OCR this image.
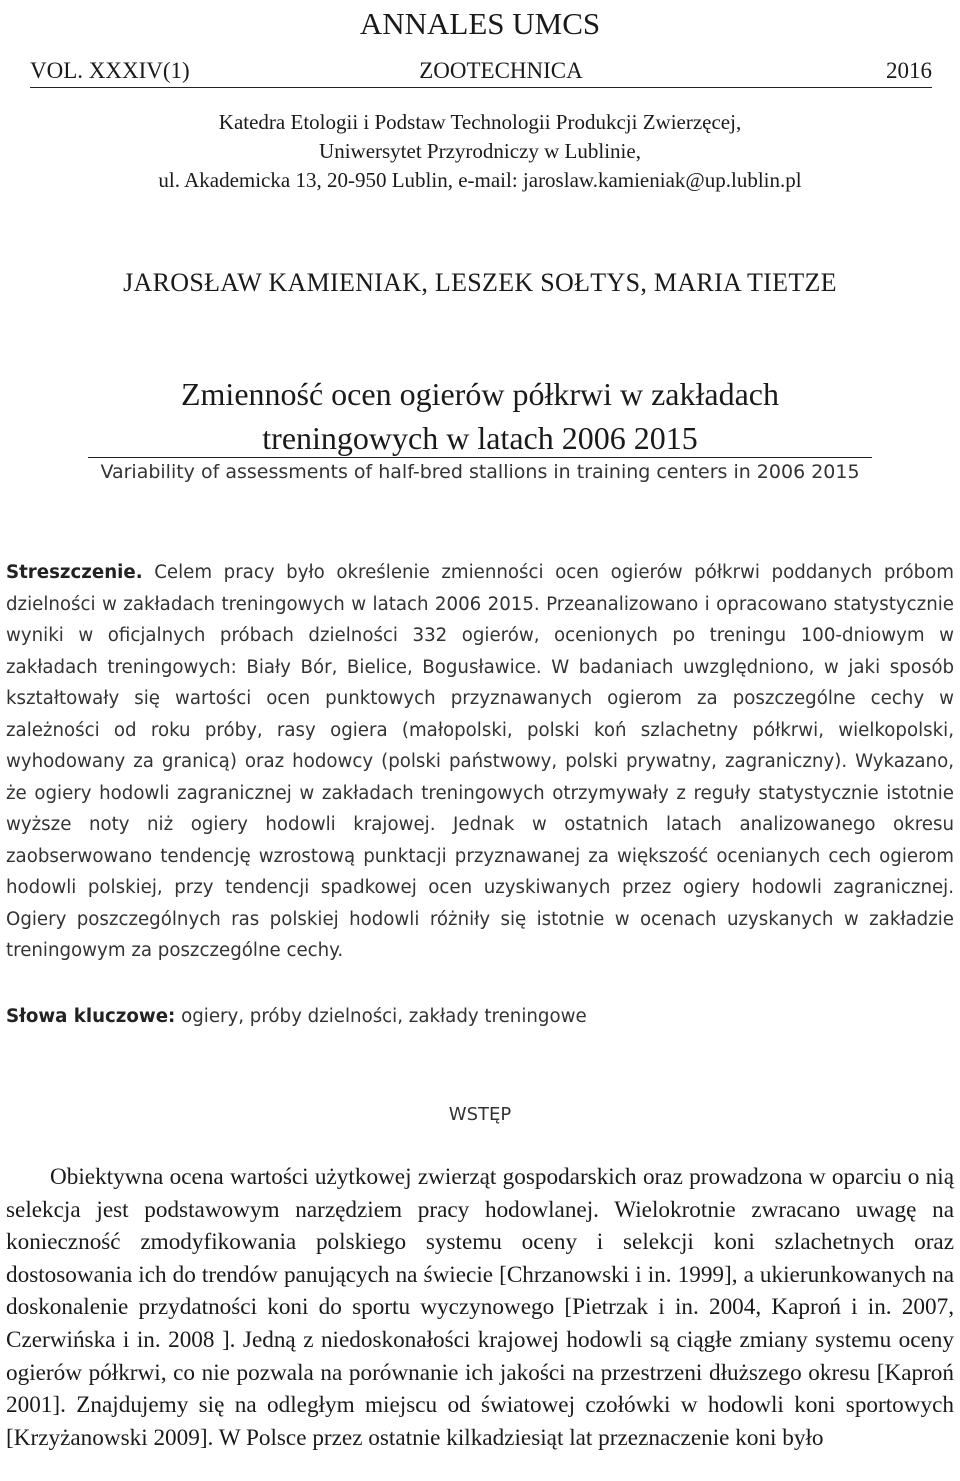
ANNALES UMCS
VOL. XXXIV(1)	ZOOTECHNICA	2016
Katedra Etologii i Podstaw Technologii Produkcji Zwierzęcej,
Uniwersytet Przyrodniczy w Lublinie,
ul. Akademicka 13, 20-950 Lublin, e-mail: jaroslaw.kamieniak@up.lublin.pl
JAROSŁAW KAMIENIAK, LESZEK SOŁTYS, MARIA TIETZE
Zmienność ocen ogierów półkrwi w zakładach
treningowych w latach 2006 2015
Variability of assessments of half-bred stallions in training centers in 2006 2015
Streszczenie. Celem pracy było określenie zmienności ocen ogierów półkrwi poddanych próbom dzielności w zakładach treningowych w latach 2006 2015. Przeanalizowano i opracowano statystycznie wyniki w oficjalnych próbach dzielności 332 ogierów, ocenionych po treningu 100-dniowym w zakładach treningowych: Biały Bór, Bielice, Bogusławice. W badaniach uwzględniono, w jaki sposób kształtowały się wartości ocen punktowych przyznawanych ogierom za poszczególne cechy w zależności od roku próby, rasy ogiera (małopolski, polski koń szlachetny półkrwi, wielkopolski, wyhodowany za granicą) oraz hodowcy (polski państwowy, polski prywatny, zagraniczny). Wykazano, że ogiery hodowli zagranicznej w zakładach treningowych otrzymywały z reguły statystycznie istotnie wyższe noty niż ogiery hodowli krajowej. Jednak w ostatnich latach analizowanego okresu zaobserwowano tendencję wzrostową punktacji przyznawanej za większość ocenianych cech ogierom hodowli polskiej, przy tendencji spadkowej ocen uzyskiwanych przez ogiery hodowli zagranicznej. Ogiery poszczególnych ras polskiej hodowli różniły się istotnie w ocenach uzyskanych w zakładzie treningowym za poszczególne cechy.
Słowa kluczowe: ogiery, próby dzielności, zakłady treningowe
WSTĘP
Obiektywna ocena wartości użytkowej zwierząt gospodarskich oraz prowadzona w oparciu o nią selekcja jest podstawowym narzędziem pracy hodowlanej. Wielokrotnie zwracano uwagę na konieczność zmodyfikowania polskiego systemu oceny i selekcji koni szlachetnych oraz dostosowania ich do trendów panujących na świecie [Chrzanowski i in. 1999], a ukierunkowanych na doskonalenie przydatności koni do sportu wyczynowego [Pietrzak i in. 2004, Kaproń i in. 2007, Czerwińska i in. 2008 ]. Jedną z niedoskonałości krajowej hodowli są ciągłe zmiany systemu oceny ogierów półkrwi, co nie pozwala na porównanie ich jakości na przestrzeni dłuższego okresu [Kaproń 2001]. Znajdujemy się na odległym miejscu od światowej czołówki w hodowli koni sportowych [Krzyżanowski 2009]. W Polsce przez ostatnie kilkadziesiąt lat przeznaczenie koni było
